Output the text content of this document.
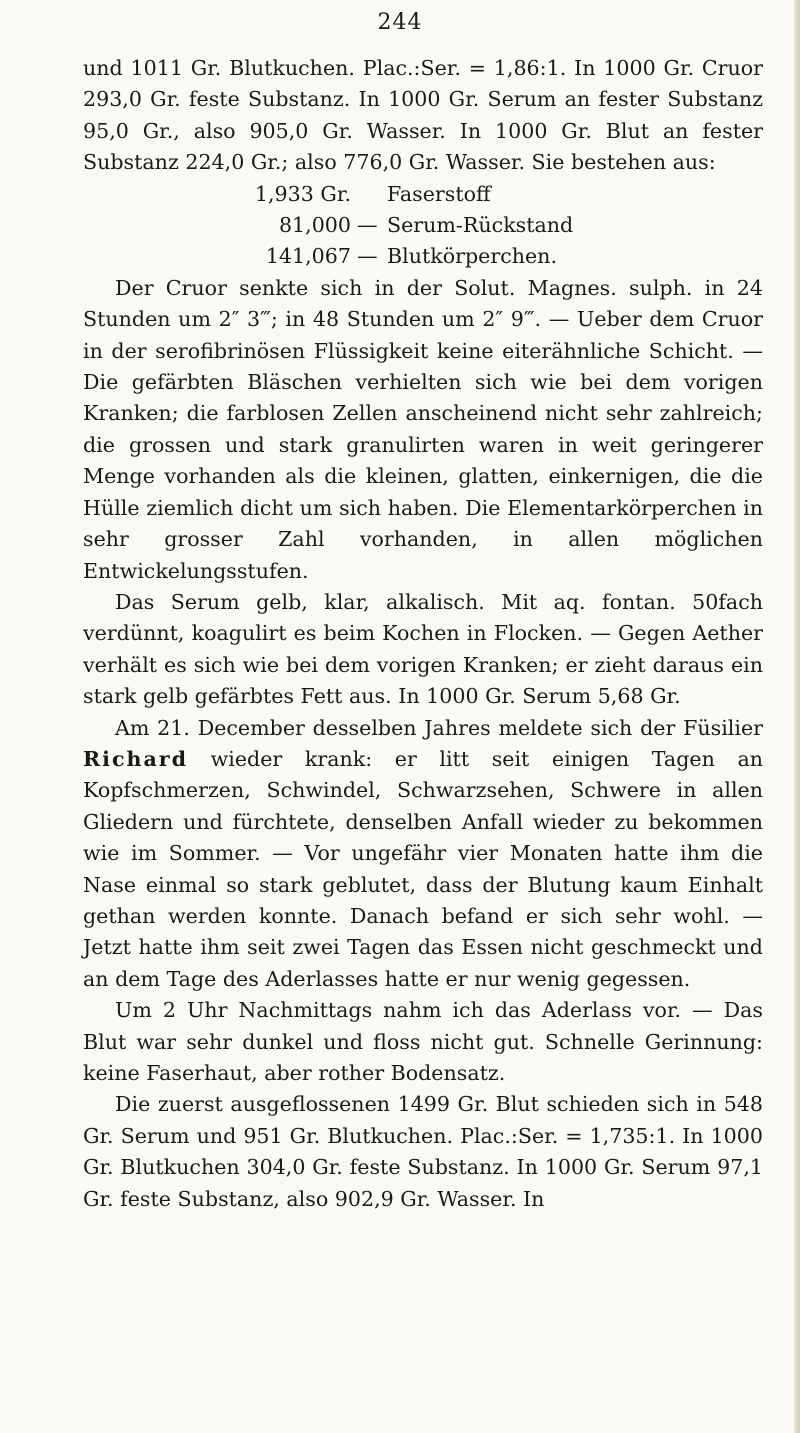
244

und 1011 Gr. Blutkuchen. Plac.:Ser. = 1,86:1. In 1000 Gr. Cruor 293,0 Gr. feste Substanz. In 1000 Gr. Serum an fester Substanz 95,0 Gr., also 905,0 Gr. Wasser. In 1000 Gr. Blut an fester Substanz 224,0 Gr.; also 776,0 Gr. Wasser. Sie bestehen aus:

1,933 Gr. Faserstoff
81,000 — Serum-Rückstand
141,067 — Blutkörperchen.

Der Cruor senkte sich in der Solut. Magnes. sulph. in 24 Stunden um 2″ 3‴; in 48 Stunden um 2″ 9‴. — Ueber dem Cruor in der serofibrinösen Flüssigkeit keine eiterähnliche Schicht. — Die gefärbten Bläschen verhielten sich wie bei dem vorigen Kranken; die farblosen Zellen anscheinend nicht sehr zahlreich; die grossen und stark granulirten waren in weit geringerer Menge vorhanden als die kleinen, glatten, einkernigen, die die Hülle ziemlich dicht um sich haben. Die Elementarkörperchen in sehr grosser Zahl vorhanden, in allen möglichen Entwickelungsstufen.

Das Serum gelb, klar, alkalisch. Mit aq. fontan. 50fach verdünnt, koagulirt es beim Kochen in Flocken. — Gegen Aether verhält es sich wie bei dem vorigen Kranken; er zieht daraus ein stark gelb gefärbtes Fett aus. In 1000 Gr. Serum 5,68 Gr.

Am 21. December desselben Jahres meldete sich der Füsilier Richard wieder krank: er litt seit einigen Tagen an Kopfschmerzen, Schwindel, Schwarzsehen, Schwere in allen Gliedern und fürchtete, denselben Anfall wieder zu bekommen wie im Sommer. — Vor ungefähr vier Monaten hatte ihm die Nase einmal so stark geblutet, dass der Blutung kaum Einhalt gethan werden konnte. Danach befand er sich sehr wohl. — Jetzt hatte ihm seit zwei Tagen das Essen nicht geschmeckt und an dem Tage des Aderlasses hatte er nur wenig gegessen.

Um 2 Uhr Nachmittags nahm ich das Aderlass vor. — Das Blut war sehr dunkel und floss nicht gut. Schnelle Gerinnung: keine Faserhaut, aber rother Bodensatz.

Die zuerst ausgeflossenen 1499 Gr. Blut schieden sich in 548 Gr. Serum und 951 Gr. Blutkuchen. Plac.:Ser. = 1,735:1. In 1000 Gr. Blutkuchen 304,0 Gr. feste Substanz. In 1000 Gr. Serum 97,1 Gr. feste Substanz, also 902,9 Gr. Wasser. In
